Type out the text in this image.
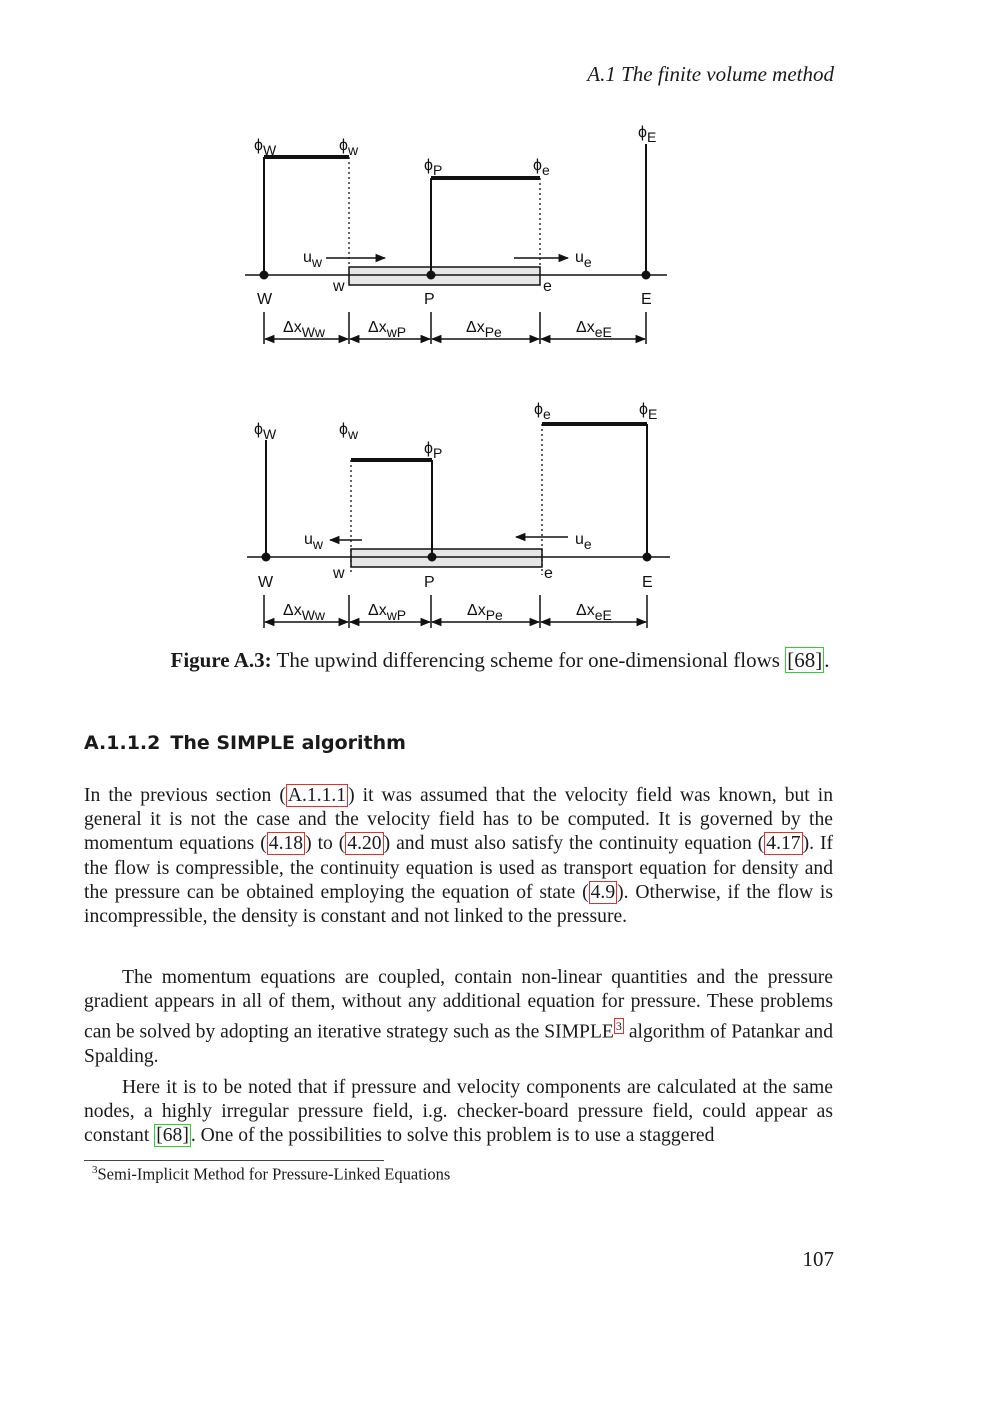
A.1 The finite volume method
ϕW	ϕw
ϕP	ϕe
ϕE
uw	ue
W
w
P
e
E
ΔxWw	ΔxwP	ΔxPe	ΔxeE
ϕW	ϕw
ϕP
ϕe	ϕE
uw	ue
W
w
P
e
E
ΔxWw	ΔxwP	ΔxPe	ΔxeE
Figure A.3: The upwind differencing scheme for one-dimensional flows [68].
A.1.1.2 The SIMPLE algorithm
In the previous section ( A.1.1.1 ) it was assumed that the velocity field was known, but in general it is not the case and the velocity field has to be computed. It is governed by the momentum equations ( 4.18 ) to ( 4.20 ) and must also satisfy the continuity equation ( 4.17 ). If the flow is compressible, the continuity equation is used as transport equation for density and the pressure can be obtained employing the equation of state ( 4.9 ). Otherwise, if the flow is incompressible, the density is constant and not linked to the pressure.
The momentum equations are coupled, contain non-linear quantities and the pressure gradient appears in all of them, without any additional equation for pressure. These problems can be solved by adopting an iterative strategy such as the SIMPLE $^3$ algorithm of Patankar and Spalding.
Here it is to be noted that if pressure and velocity components are calculated at the same nodes, a highly irregular pressure field, i.g. checker-board pressure field, could appear as constant [68] . One of the possibilities to solve this problem is to use a staggered
$^3$Semi-Implicit Method for Pressure-Linked Equations
107
